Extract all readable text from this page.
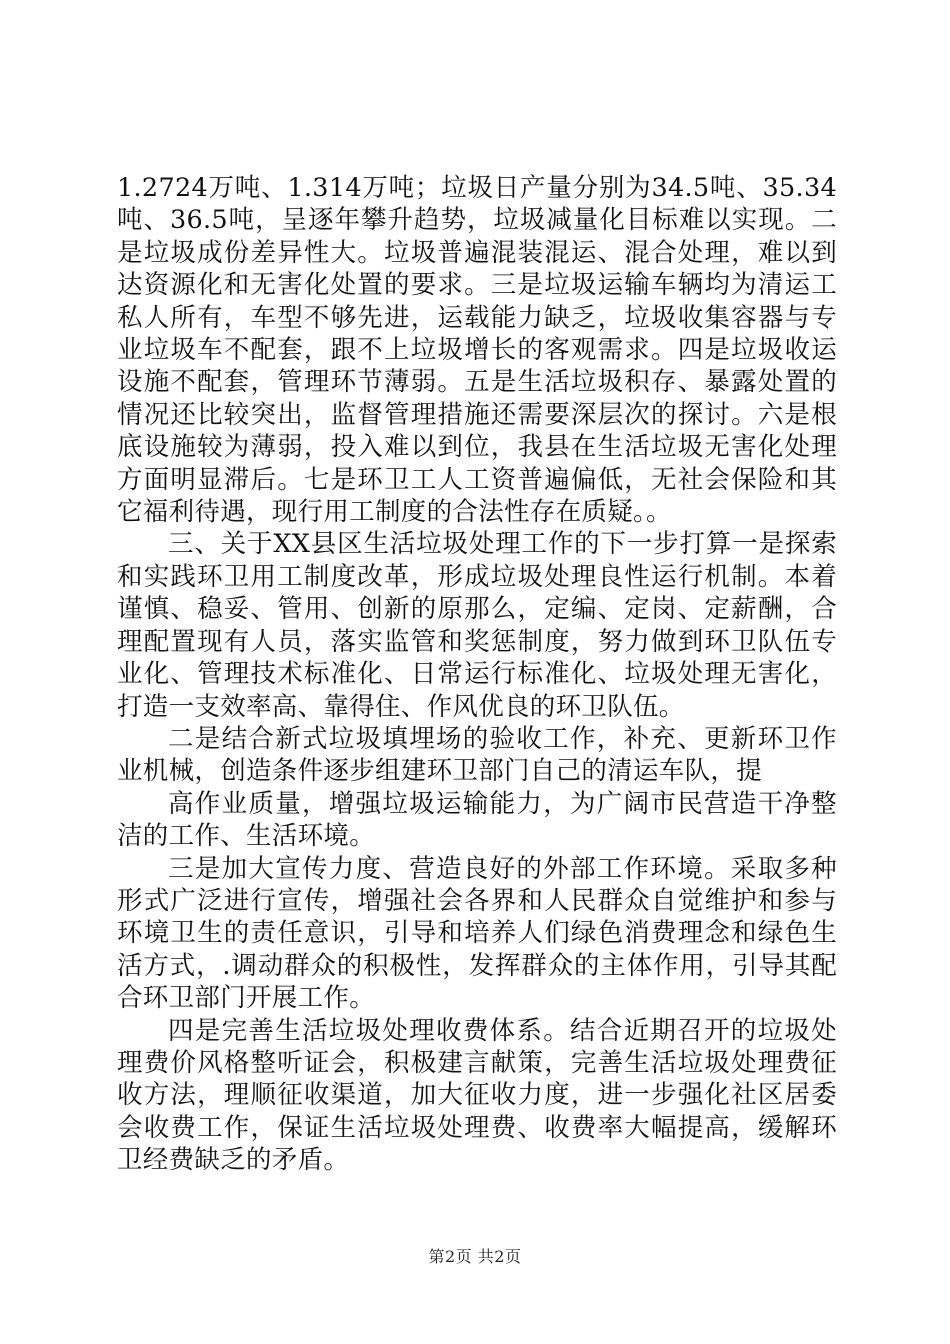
1.2724万吨、1.314万吨；垃圾日产量分别为34.5吨、35.34吨、36.5吨，呈逐年攀升趋势，垃圾减量化目标难以实现。二是垃圾成份差异性大。垃圾普遍混装混运、混合处理，难以到达资源化和无害化处置的要求。三是垃圾运输车辆均为清运工私人所有，车型不够先进，运载能力缺乏，垃圾收集容器与专业垃圾车不配套，跟不上垃圾增长的客观需求。四是垃圾收运设施不配套，管理环节薄弱。五是生活垃圾积存、暴露处置的情况还比较突出，监督管理措施还需要深层次的探讨。六是根底设施较为薄弱，投入难以到位，我县在生活垃圾无害化处理方面明显滞后。七是环卫工人工资普遍偏低，无社会保险和其它福利待遇，现行用工制度的合法性存在质疑。。

三、关于XX县区生活垃圾处理工作的下一步打算一是探索和实践环卫用工制度改革，形成垃圾处理良性运行机制。本着谨慎、稳妥、管用、创新的原那么，定编、定岗、定薪酬，合理配置现有人员，落实监管和奖惩制度，努力做到环卫队伍专业化、管理技术标准化、日常运行标准化、垃圾处理无害化，打造一支效率高、靠得住、作风优良的环卫队伍。

二是结合新式垃圾填埋场的验收工作，补充、更新环卫作业机械，创造条件逐步组建环卫部门自己的清运车队，提

高作业质量，增强垃圾运输能力，为广阔市民营造干净整洁的工作、生活环境。

三是加大宣传力度、营造良好的外部工作环境。采取多种形式广泛进行宣传，增强社会各界和人民群众自觉维护和参与环境卫生的责任意识，引导和培养人们绿色消费理念和绿色生活方式，.调动群众的积极性，发挥群众的主体作用，引导其配合环卫部门开展工作。

四是完善生活垃圾处理收费体系。结合近期召开的垃圾处理费价风格整听证会，积极建言献策，完善生活垃圾处理费征收方法，理顺征收渠道，加大征收力度，进一步强化社区居委会收费工作，保证生活垃圾处理费、收费率大幅提高，缓解环卫经费缺乏的矛盾。

第2页 共2页
